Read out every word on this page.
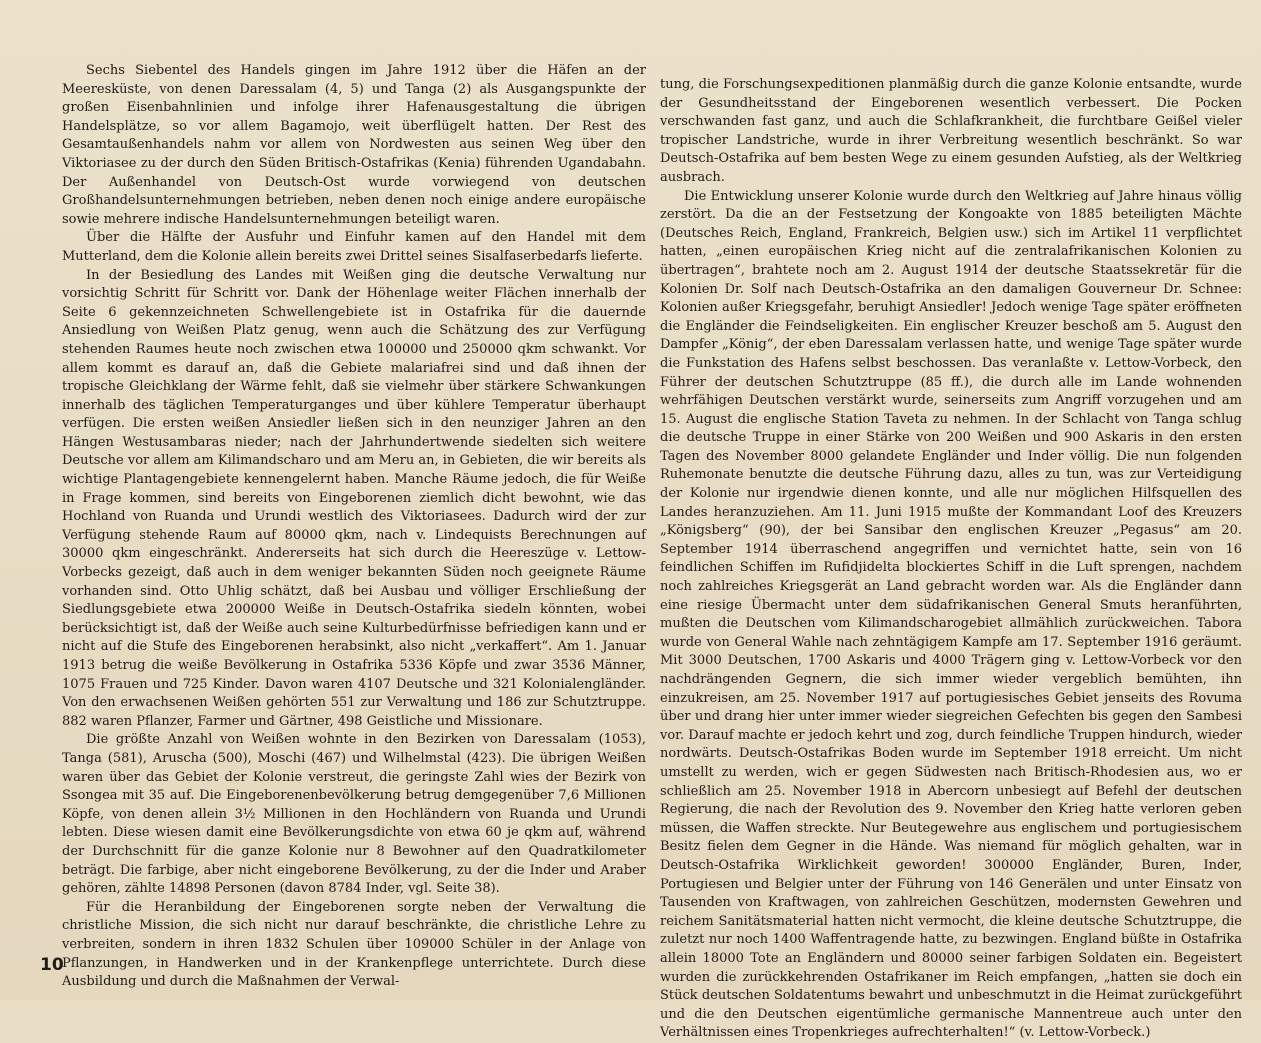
Sechs Siebentel des Handels gingen im Jahre 1912 über die Häfen an der Meeresküste, von denen Daressalam (4, 5) und Tanga (2) als Ausgangspunkte der großen Eisenbahnlinien und infolge ihrer Hafenausgestaltung die übrigen Handelsplätze, so vor allem Bagamojo, weit überflügelt hatten. Der Rest des Gesamtaußenhandels nahm vor allem von Nordwesten aus seinen Weg über den Viktoriasee zu der durch den Süden Britisch-Ostafrikas (Kenia) führenden Ugandabahn. Der Außenhandel von Deutsch-Ost wurde vorwiegend von deutschen Großhandelsunternehmungen betrieben, neben denen noch einige andere europäische sowie mehrere indische Handelsunternehmungen beteiligt waren.

Über die Hälfte der Ausfuhr und Einfuhr kamen auf den Handel mit dem Mutterland, dem die Kolonie allein bereits zwei Drittel seines Sisalfaserbedarfs lieferte.

In der Besiedlung des Landes mit Weißen ging die deutsche Verwaltung nur vorsichtig Schritt für Schritt vor. Dank der Höhenlage weiter Flächen innerhalb der Seite 6 gekennzeichneten Schwellengebiete ist in Ostafrika für die dauernde Ansiedlung von Weißen Platz genug, wenn auch die Schätzung des zur Verfügung stehenden Raumes heute noch zwischen etwa 100000 und 250000 qkm schwankt. Vor allem kommt es darauf an, daß die Gebiete malariafrei sind und daß ihnen der tropische Gleichklang der Wärme fehlt, daß sie vielmehr über stärkere Schwankungen innerhalb des täglichen Temperaturganges und über kühlere Temperatur überhaupt verfügen. Die ersten weißen Ansiedler ließen sich in den neunziger Jahren an den Hängen Westusambaras nieder; nach der Jahrhundertwende siedelten sich weitere Deutsche vor allem am Kilimandscharo und am Meru an, in Gebieten, die wir bereits als wichtige Plantagengebiete kennengelernt haben. Manche Räume jedoch, die für Weiße in Frage kommen, sind bereits von Eingeborenen ziemlich dicht bewohnt, wie das Hochland von Ruanda und Urundi westlich des Viktoriasees. Dadurch wird der zur Verfügung stehende Raum auf 80000 qkm, nach v. Lindequists Berechnungen auf 30000 qkm eingeschränkt. Andererseits hat sich durch die Heereszüge v. Lettow-Vorbecks gezeigt, daß auch in dem weniger bekannten Süden noch geeignete Räume vorhanden sind. Otto Uhlig schätzt, daß bei Ausbau und völliger Erschließung der Siedlungsgebiete etwa 200000 Weiße in Deutsch-Ostafrika siedeln könnten, wobei berücksichtigt ist, daß der Weiße auch seine Kulturbedürfnisse befriedigen kann und er nicht auf die Stufe des Eingeborenen herabsinkt, also nicht „verkaffert“. Am 1. Januar 1913 betrug die weiße Bevölkerung in Ostafrika 5336 Köpfe und zwar 3536 Männer, 1075 Frauen und 725 Kinder. Davon waren 4107 Deutsche und 321 Kolonialengländer. Von den erwachsenen Weißen gehörten 551 zur Verwaltung und 186 zur Schutztruppe. 882 waren Pflanzer, Farmer und Gärtner, 498 Geistliche und Missionare.

Die größte Anzahl von Weißen wohnte in den Bezirken von Daressalam (1053), Tanga (581), Aruscha (500), Moschi (467) und Wilhelmstal (423). Die übrigen Weißen waren über das Gebiet der Kolonie verstreut, die geringste Zahl wies der Bezirk von Ssongea mit 35 auf. Die Eingeborenenbevölkerung betrug demgegenüber 7,6 Millionen Köpfe, von denen allein 3½ Millionen in den Hochländern von Ruanda und Urundi lebten. Diese wiesen damit eine Bevölkerungsdichte von etwa 60 je qkm auf, während der Durchschnitt für die ganze Kolonie nur 8 Bewohner auf den Quadratkilometer beträgt. Die farbige, aber nicht eingeborene Bevölkerung, zu der die Inder und Araber gehören, zählte 14898 Personen (davon 8784 Inder, vgl. Seite 38).

Für die Heranbildung der Eingeborenen sorgte neben der Verwaltung die christliche Mission, die sich nicht nur darauf beschränkte, die christliche Lehre zu verbreiten, sondern in ihren 1832 Schulen über 109000 Schüler in der Anlage von Pflanzungen, in Handwerken und in der Krankenpflege unterrichtete. Durch diese Ausbildung und durch die Maßnahmen der Verwal-

tung, die Forschungsexpeditionen planmäßig durch die ganze Kolonie entsandte, wurde der Gesundheitsstand der Eingeborenen wesentlich verbessert. Die Pocken verschwanden fast ganz, und auch die Schlafkrankheit, die furchtbare Geißel vieler tropischer Landstriche, wurde in ihrer Verbreitung wesentlich beschränkt. So war Deutsch-Ostafrika auf bem besten Wege zu einem gesunden Aufstieg, als der Weltkrieg ausbrach.

Die Entwicklung unserer Kolonie wurde durch den Weltkrieg auf Jahre hinaus völlig zerstört. Da die an der Festsetzung der Kongoakte von 1885 beteiligten Mächte (Deutsches Reich, England, Frankreich, Belgien usw.) sich im Artikel 11 verpflichtet hatten, „einen europäischen Krieg nicht auf die zentralafrikanischen Kolonien zu übertragen“, brahtete noch am 2. August 1914 der deutsche Staatssekretär für die Kolonien Dr. Solf nach Deutsch-Ostafrika an den damaligen Gouverneur Dr. Schnee: Kolonien außer Kriegsgefahr, beruhigt Ansiedler! Jedoch wenige Tage später eröffneten die Engländer die Feindseligkeiten. Ein englischer Kreuzer beschoß am 5. August den Dampfer „König“, der eben Daressalam verlassen hatte, und wenige Tage später wurde die Funkstation des Hafens selbst beschossen. Das veranlaßte v. Lettow-Vorbeck, den Führer der deutschen Schutztruppe (85 ff.), die durch alle im Lande wohnenden wehrfähigen Deutschen verstärkt wurde, seinerseits zum Angriff vorzugehen und am 15. August die englische Station Taveta zu nehmen. In der Schlacht von Tanga schlug die deutsche Truppe in einer Stärke von 200 Weißen und 900 Askaris in den ersten Tagen des November 8000 gelandete Engländer und Inder völlig. Die nun folgenden Ruhemonate benutzte die deutsche Führung dazu, alles zu tun, was zur Verteidigung der Kolonie nur irgendwie dienen konnte, und alle nur möglichen Hilfsquellen des Landes heranzuziehen. Am 11. Juni 1915 mußte der Kommandant Loof des Kreuzers „Königsberg“ (90), der bei Sansibar den englischen Kreuzer „Pegasus“ am 20. September 1914 überraschend angegriffen und vernichtet hatte, sein von 16 feindlichen Schiffen im Rufidjidelta blockiertes Schiff in die Luft sprengen, nachdem noch zahlreiches Kriegsgerät an Land gebracht worden war. Als die Engländer dann eine riesige Übermacht unter dem südafrikanischen General Smuts heranführten, mußten die Deutschen vom Kilimandscharogebiet allmählich zurückweichen. Tabora wurde von General Wahle nach zehntägigem Kampfe am 17. September 1916 geräumt. Mit 3000 Deutschen, 1700 Askaris und 4000 Trägern ging v. Lettow-Vorbeck vor den nachdrängenden Gegnern, die sich immer wieder vergeblich bemühten, ihn einzukreisen, am 25. November 1917 auf portugiesisches Gebiet jenseits des Rovuma über und drang hier unter immer wieder siegreichen Gefechten bis gegen den Sambesi vor. Darauf machte er jedoch kehrt und zog, durch feindliche Truppen hindurch, wieder nordwärts. Deutsch-Ostafrikas Boden wurde im September 1918 erreicht. Um nicht umstellt zu werden, wich er gegen Südwesten nach Britisch-Rhodesien aus, wo er schließlich am 25. November 1918 in Abercorn unbesiegt auf Befehl der deutschen Regierung, die nach der Revolution des 9. November den Krieg hatte verloren geben müssen, die Waffen streckte. Nur Beutegewehre aus englischem und portugiesischem Besitz fielen dem Gegner in die Hände. Was niemand für möglich gehalten, war in Deutsch-Ostafrika Wirklichkeit geworden! 300000 Engländer, Buren, Inder, Portugiesen und Belgier unter der Führung von 146 Generälen und unter Einsatz von Tausenden von Kraftwagen, von zahlreichen Geschützen, modernsten Gewehren und reichem Sanitätsmaterial hatten nicht vermocht, die kleine deutsche Schutztruppe, die zuletzt nur noch 1400 Waffentragende hatte, zu bezwingen. England büßte in Ostafrika allein 18000 Tote an Engländern und 80000 seiner farbigen Soldaten ein. Begeistert wurden die zurückkehrenden Ostafrikaner im Reich empfangen, „hatten sie doch ein Stück deutschen Soldatentums bewahrt und unbeschmutzt in die Heimat zurückgeführt und die den Deutschen eigentümliche germanische Mannentreue auch unter den Verhältnissen eines Tropenkrieges aufrechterhalten!“ (v. Lettow-Vorbeck.)

10
